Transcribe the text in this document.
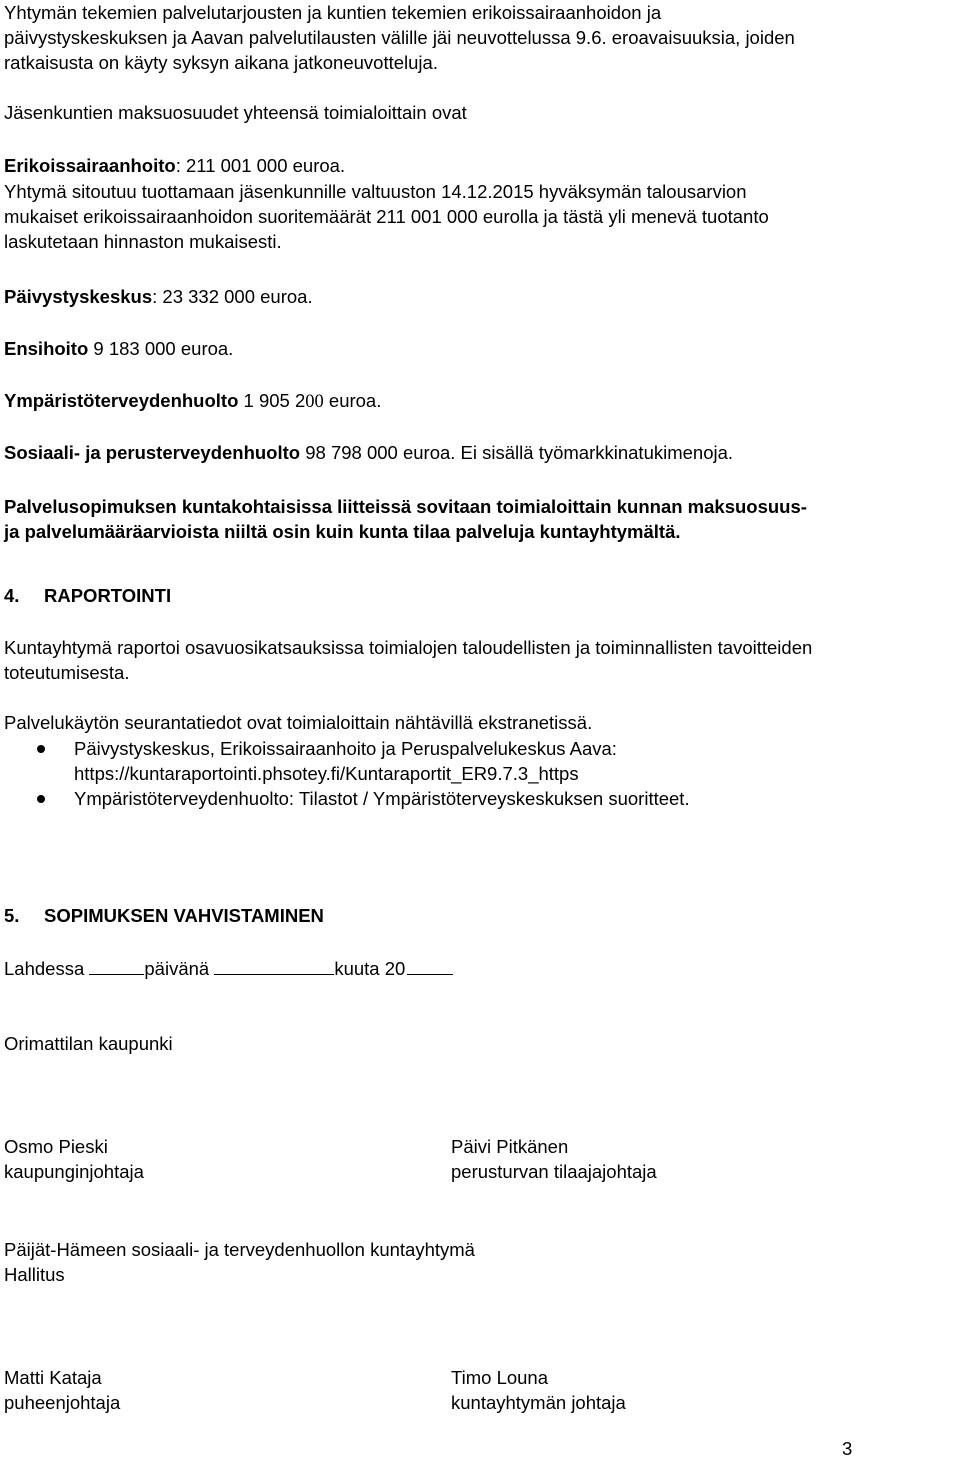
Yhtymän tekemien palvelutarjousten ja kuntien tekemien erikoissairaanhoidon ja
päivystyskeskuksen ja Aavan palvelutilausten välille jäi neuvottelussa 9.6. eroavaisuuksia, joiden
ratkaisusta on käyty syksyn aikana jatkoneuvotteluja.
Jäsenkuntien maksuosuudet yhteensä toimialoittain ovat
Erikoissairaanhoito: 211 001 000 euroa.
Yhtymä sitoutuu tuottamaan jäsenkunnille valtuuston 14.12.2015 hyväksymän talousarvion
mukaiset erikoissairaanhoidon suoritemäärät 211 001 000 eurolla ja tästä yli menevä tuotanto
laskutetaan hinnaston mukaisesti.
Päivystyskeskus: 23 332 000 euroa.
Ensihoito 9 183 000 euroa.
Ympäristöterveydenhuolto 1 905 200 euroa.
Sosiaali- ja perusterveydenhuolto 98 798 000 euroa. Ei sisällä työmarkkinatukimenoja.
Palvelusopimuksen kuntakohtaisissa liitteissä sovitaan toimialoittain kunnan maksuosuus-
ja palvelumääräarvioista niiltä osin kuin kunta tilaa palveluja kuntayhtymältä.
4. RAPORTOINTI
Kuntayhtymä raportoi osavuosikatsauksissa toimialojen taloudellisten ja toiminnallisten tavoitteiden
toteutumisesta.
Palvelukäytön seurantatiedot ovat toimialoittain nähtävillä ekstranetissä.
Päivystyskeskus, Erikoissairaanhoito ja Peruspalvelukeskus Aava:
https://kuntaraportointi.phsotey.fi/Kuntaraportit_ER9.7.3_https
Ympäristöterveydenhuolto: Tilastot / Ympäristöterveyskeskuksen suoritteet.
5. SOPIMUKSEN VAHVISTAMINEN
Lahdessa	päivänä	kuuta 20
Orimattilan kaupunki
Osmo Pieski
kaupunginjohtaja
Päivi Pitkänen
perusturvan tilaajajohtaja
Päijät-Hämeen sosiaali- ja terveydenhuollon kuntayhtymä
Hallitus
Matti Kataja
puheenjohtaja
Timo Louna
kuntayhtymän johtaja
3
